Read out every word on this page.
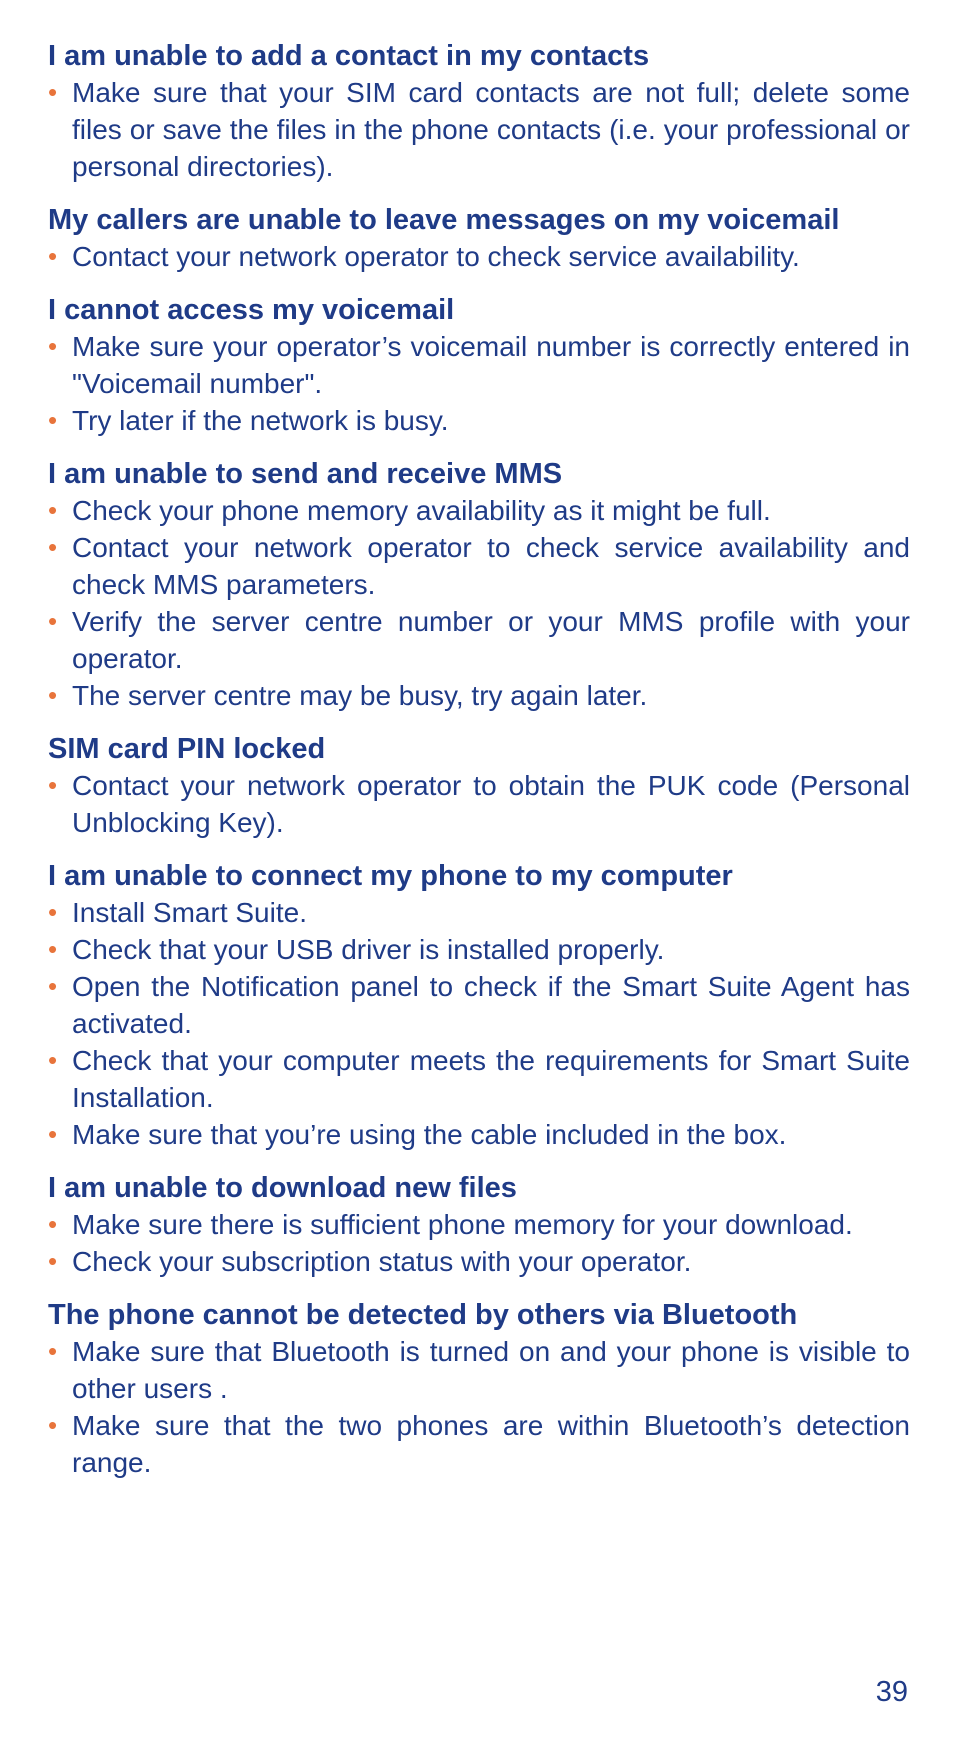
I am unable to add a contact in my contacts
• Make sure that your SIM card contacts are not full; delete some files or save the files in the phone contacts (i.e. your professional or personal directories).
My callers are unable to leave messages on my voicemail
• Contact your network operator to check service availability.
I cannot access my voicemail
• Make sure your operator’s voicemail number is correctly entered in "Voicemail number".
• Try later if the network is busy.
I am unable to send and receive MMS
• Check your phone memory availability as it might be full.
• Contact your network operator to check service availability and check MMS parameters.
• Verify the server centre number or your MMS profile with your operator.
• The server centre may be busy, try again later.
SIM card PIN locked
• Contact your network operator to obtain the PUK code (Personal Unblocking Key).
I am unable to connect my phone to my computer
• Install Smart Suite.
• Check that your USB driver is installed properly.
• Open the Notification panel to check if the Smart Suite Agent has activated.
• Check that your computer meets the requirements for Smart Suite Installation.
• Make sure that you’re using the cable included in the box.
I am unable to download new files
• Make sure there is sufficient phone memory for your download.
• Check your subscription status with your operator.
The phone cannot be detected by others via Bluetooth
• Make sure that Bluetooth is turned on and your phone is visible to other users .
• Make sure that the two phones are within Bluetooth’s detection range.
39
